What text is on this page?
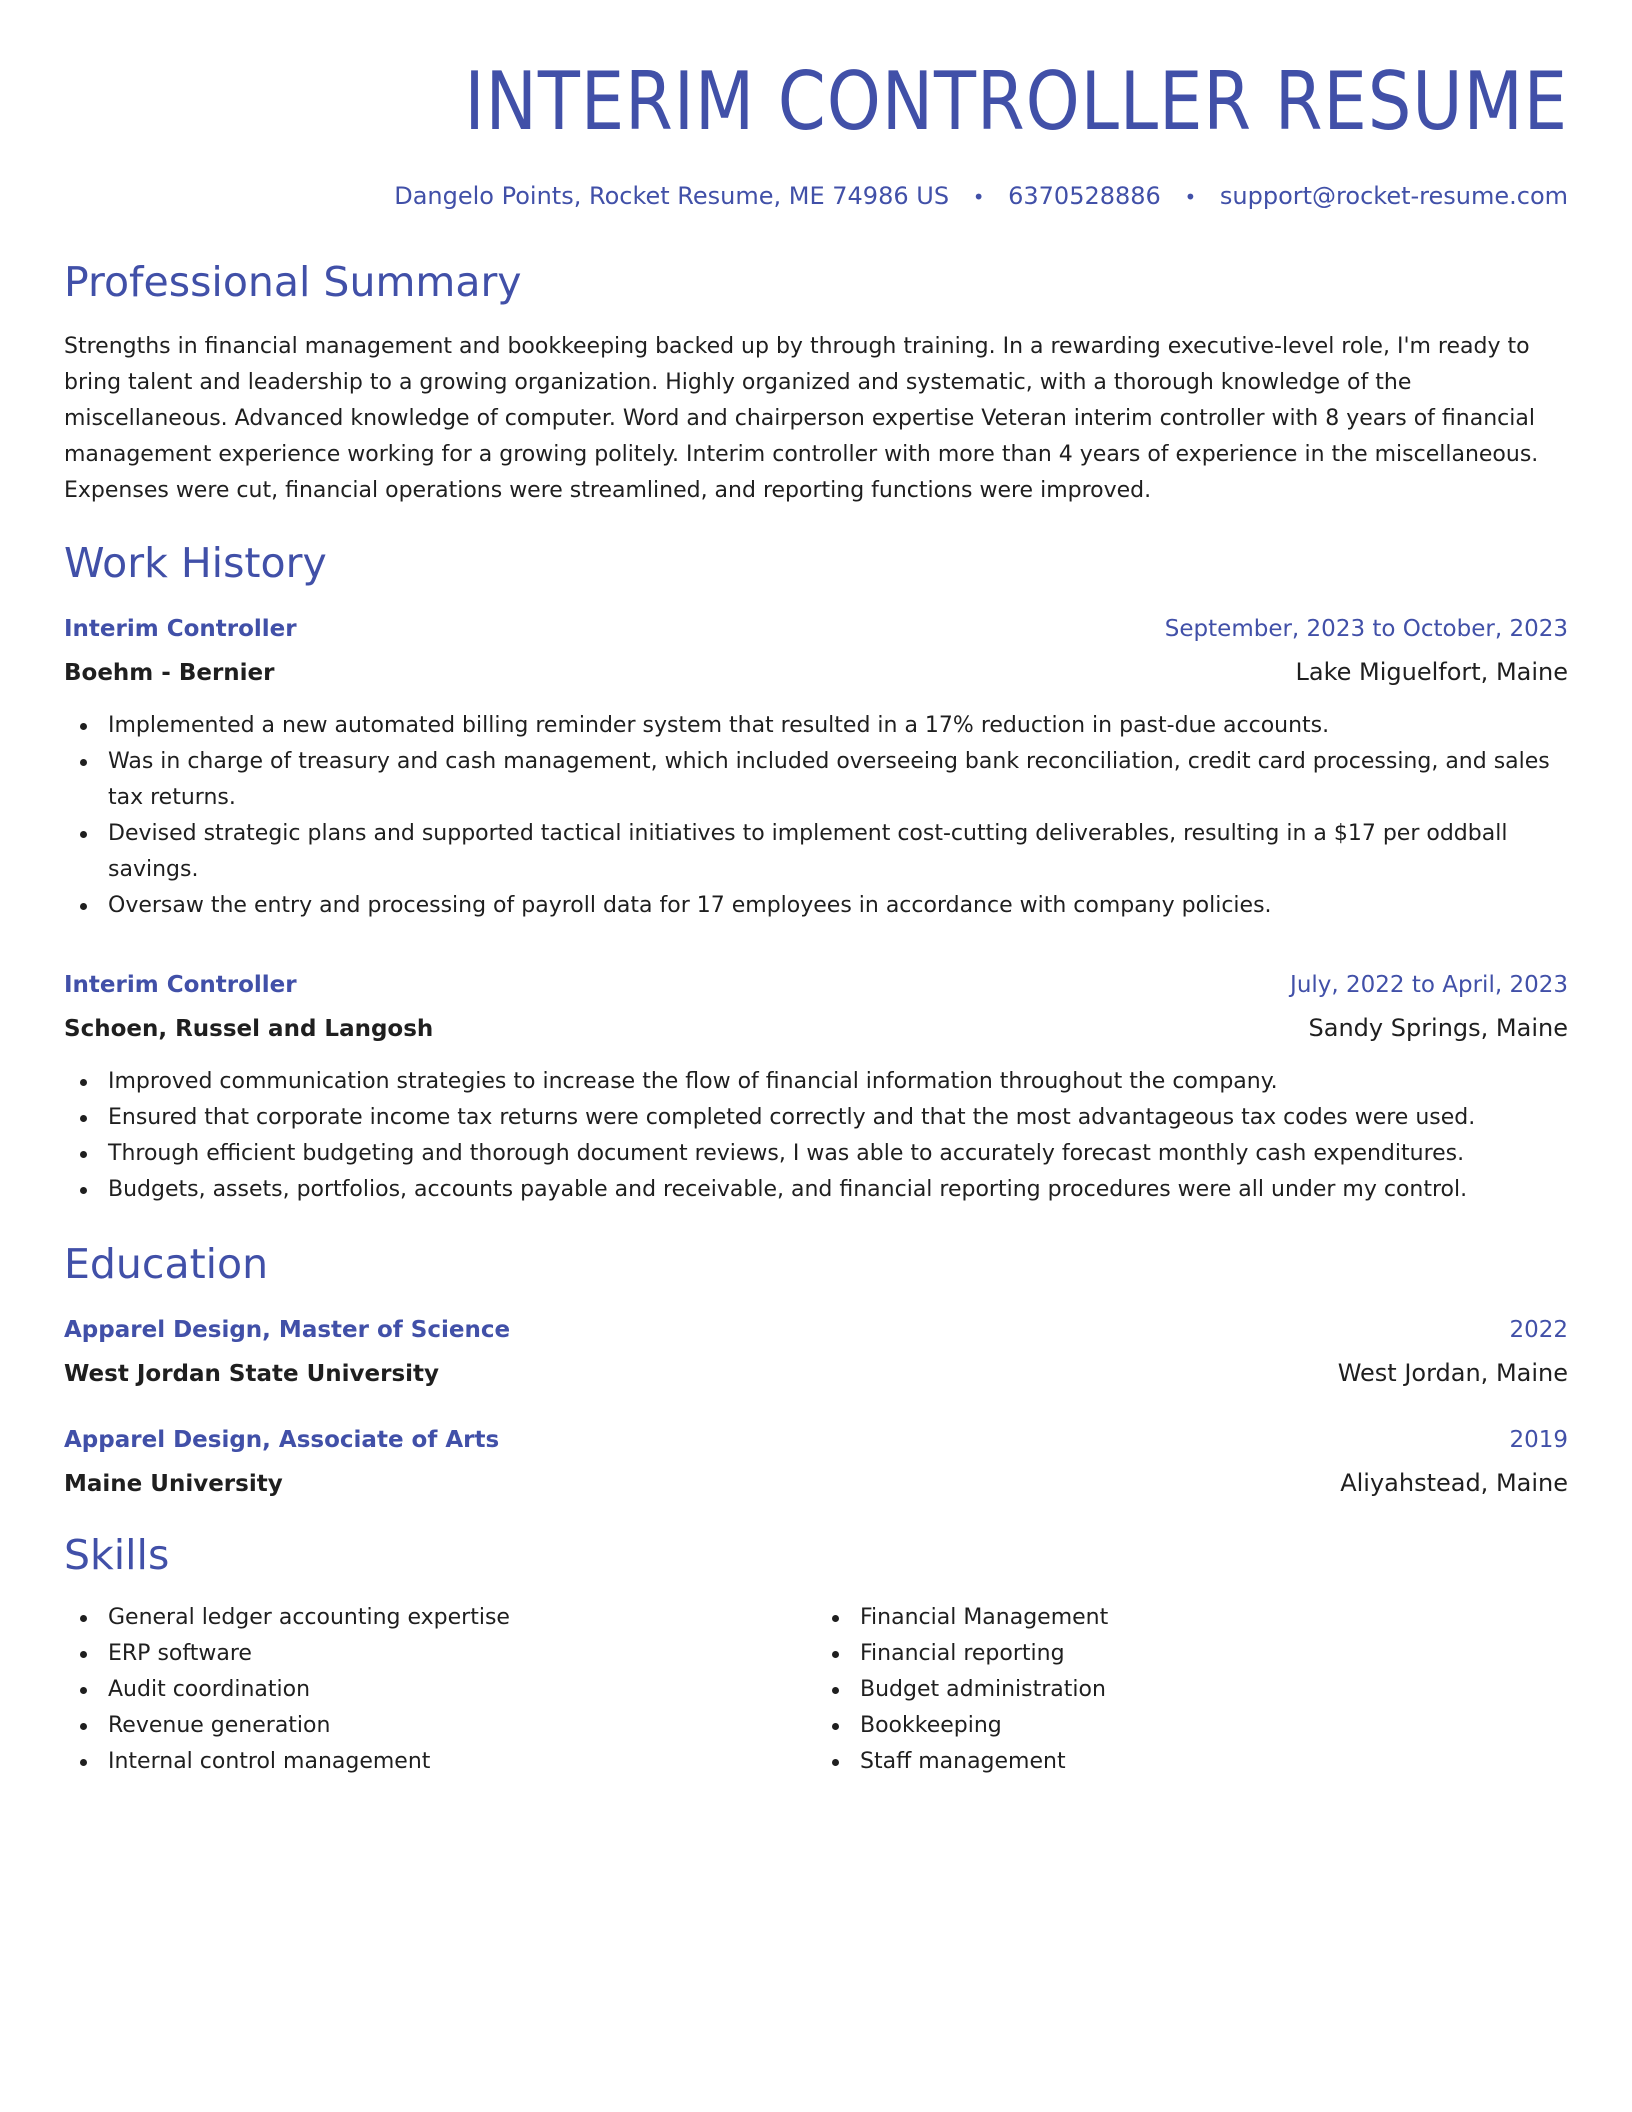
INTERIM CONTROLLER RESUME
Dangelo Points, Rocket Resume, ME 74986 US • 6370528886 • support@rocket-resume.com
Professional Summary

Strengths in financial management and bookkeeping backed up by through training. In a rewarding executive-level role, I'm ready to bring talent and leadership to a growing organization. Highly organized and systematic, with a thorough knowledge of the miscellaneous. Advanced knowledge of computer. Word and chairperson expertise Veteran interim controller with 8 years of financial management experience working for a growing politely. Interim controller with more than 4 years of experience in the miscellaneous. Expenses were cut, financial operations were streamlined, and reporting functions were improved.

Work History
Interim Controller	September, 2023 to October, 2023
Boehm - Bernier	Lake Miguelfort, Maine
Implemented a new automated billing reminder system that resulted in a 17% reduction in past-due accounts.
Was in charge of treasury and cash management, which included overseeing bank reconciliation, credit card processing, and sales tax returns.
Devised strategic plans and supported tactical initiatives to implement cost-cutting deliverables, resulting in a $17 per oddball savings.
Oversaw the entry and processing of payroll data for 17 employees in accordance with company policies.
Interim Controller	July, 2022 to April, 2023
Schoen, Russel and Langosh	Sandy Springs, Maine
Improved communication strategies to increase the flow of financial information throughout the company.
Ensured that corporate income tax returns were completed correctly and that the most advantageous tax codes were used.
Through efficient budgeting and thorough document reviews, I was able to accurately forecast monthly cash expenditures.
Budgets, assets, portfolios, accounts payable and receivable, and financial reporting procedures were all under my control.
Education
Apparel Design, Master of Science	2022
West Jordan State University	West Jordan, Maine
Apparel Design, Associate of Arts	2019
Maine University	Aliyahstead, Maine
Skills
General ledger accounting expertise
ERP software
Audit coordination
Revenue generation
Internal control management
Financial Management
Financial reporting
Budget administration
Bookkeeping
Staff management
